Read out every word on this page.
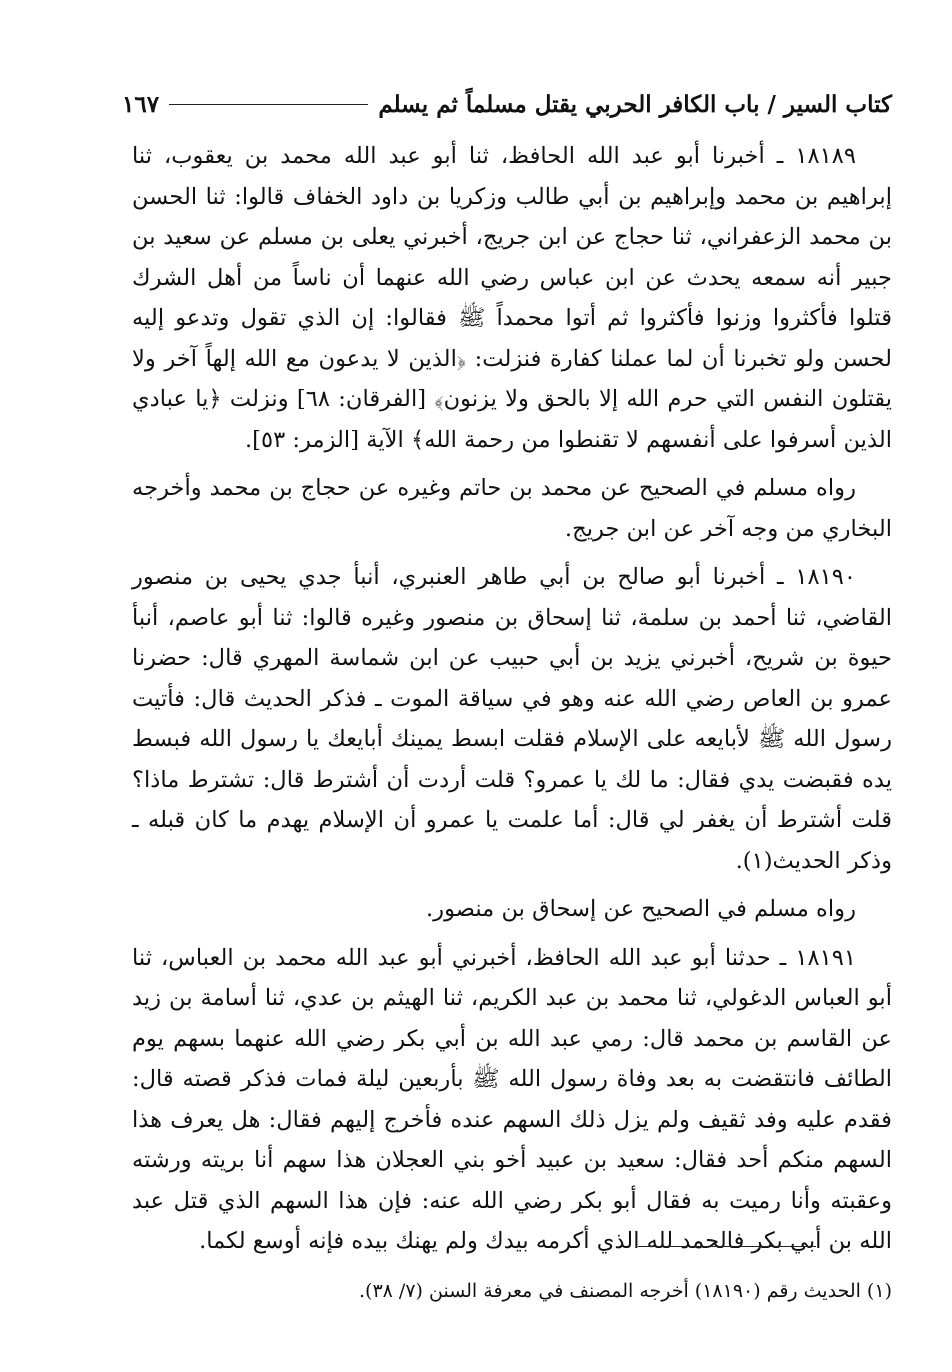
كتاب السير / باب الكافر الحربي يقتل مسلماً ثم يسلم
١٦٧

١٨١٨٩ ـ أخبرنا أبو عبد الله الحافظ، ثنا أبو عبد الله محمد بن يعقوب، ثنا إبراهيم بن محمد وإبراهيم بن أبي طالب وزكريا بن داود الخفاف قالوا: ثنا الحسن بن محمد الزعفراني، ثنا حجاج عن ابن جريج، أخبرني يعلى بن مسلم عن سعيد بن جبير أنه سمعه يحدث عن ابن عباس رضي الله عنهما أن ناساً من أهل الشرك قتلوا فأكثروا وزنوا فأكثروا ثم أتوا محمداً ﷺ فقالوا: إن الذي تقول وتدعو إليه لحسن ولو تخبرنا أن لما عملنا كفارة فنزلت: ﴿الذين لا يدعون مع الله إلهاً آخر ولا يقتلون النفس التي حرم الله إلا بالحق ولا يزنون﴾ [الفرقان: ٦٨] ونزلت ﴿يا عبادي الذين أسرفوا على أنفسهم لا تقنطوا من رحمة الله﴾ الآية [الزمر: ٥٣].

رواه مسلم في الصحيح عن محمد بن حاتم وغيره عن حجاج بن محمد وأخرجه البخاري من وجه آخر عن ابن جريج.

١٨١٩٠ ـ أخبرنا أبو صالح بن أبي طاهر العنبري، أنبأ جدي يحيى بن منصور القاضي، ثنا أحمد بن سلمة، ثنا إسحاق بن منصور وغيره قالوا: ثنا أبو عاصم، أنبأ حيوة بن شريح، أخبرني يزيد بن أبي حبيب عن ابن شماسة المهري قال: حضرنا عمرو بن العاص رضي الله عنه وهو في سياقة الموت ـ فذكر الحديث قال: فأتيت رسول الله ﷺ لأبايعه على الإسلام فقلت ابسط يمينك أبايعك يا رسول الله فبسط يده فقبضت يدي فقال: ما لك يا عمرو؟ قلت أردت أن أشترط قال: تشترط ماذا؟ قلت أشترط أن يغفر لي قال: أما علمت يا عمرو أن الإسلام يهدم ما كان قبله ـ وذكر الحديث(١).

رواه مسلم في الصحيح عن إسحاق بن منصور.

١٨١٩١ ـ حدثنا أبو عبد الله الحافظ، أخبرني أبو عبد الله محمد بن العباس، ثنا أبو العباس الدغولي، ثنا محمد بن عبد الكريم، ثنا الهيثم بن عدي، ثنا أسامة بن زيد عن القاسم بن محمد قال: رمي عبد الله بن أبي بكر رضي الله عنهما بسهم يوم الطائف فانتقضت به بعد وفاة رسول الله ﷺ بأربعين ليلة فمات فذكر قصته قال: فقدم عليه وفد ثقيف ولم يزل ذلك السهم عنده فأخرج إليهم فقال: هل يعرف هذا السهم منكم أحد فقال: سعيد بن عبيد أخو بني العجلان هذا سهم أنا بريته ورشته وعقبته وأنا رميت به فقال أبو بكر رضي الله عنه: فإن هذا السهم الذي قتل عبد الله بن أبي بكر فالحمد لله الذي أكرمه بيدك ولم يهنك بيده فإنه أوسع لكما.

(١) الحديث رقم (١٨١٩٠) أخرجه المصنف في معرفة السنن (٧/ ٣٨).
